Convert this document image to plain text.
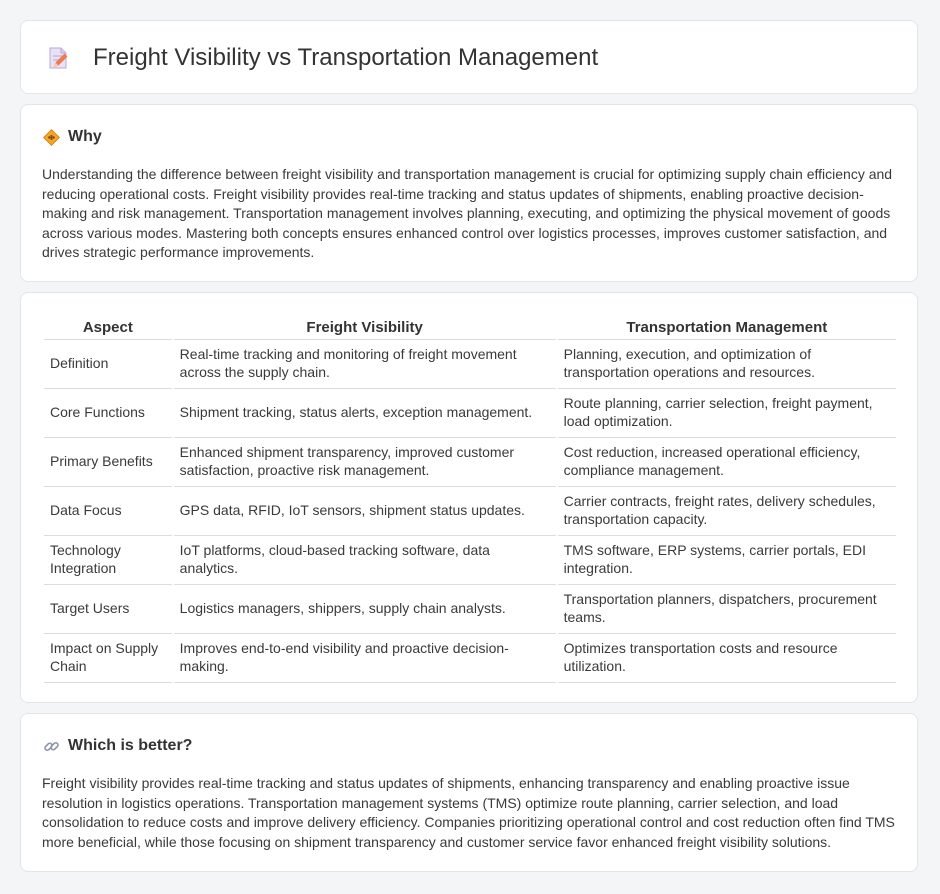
Freight Visibility vs Transportation Management
Why

Understanding the difference between freight visibility and transportation management is crucial for optimizing supply chain efficiency and reducing operational costs. Freight visibility provides real-time tracking and status updates of shipments, enabling proactive decision-making and risk management. Transportation management involves planning, executing, and optimizing the physical movement of goods across various modes. Mastering both concepts ensures enhanced control over logistics processes, improves customer satisfaction, and drives strategic performance improvements.

Aspect	Freight Visibility	Transportation Management
Definition	Real-time tracking and monitoring of freight movement across the supply chain.	Planning, execution, and optimization of transportation operations and resources.
Core Functions	Shipment tracking, status alerts, exception management.	Route planning, carrier selection, freight payment, load optimization.
Primary Benefits	Enhanced shipment transparency, improved customer satisfaction, proactive risk management.	Cost reduction, increased operational efficiency, compliance management.
Data Focus	GPS data, RFID, IoT sensors, shipment status updates.	Carrier contracts, freight rates, delivery schedules, transportation capacity.
Technology Integration	IoT platforms, cloud-based tracking software, data analytics.	TMS software, ERP systems, carrier portals, EDI integration.
Target Users	Logistics managers, shippers, supply chain analysts.	Transportation planners, dispatchers, procurement teams.
Impact on Supply Chain	Improves end-to-end visibility and proactive decision-making.	Optimizes transportation costs and resource utilization.
Which is better?

Freight visibility provides real-time tracking and status updates of shipments, enhancing transparency and enabling proactive issue resolution in logistics operations. Transportation management systems (TMS) optimize route planning, carrier selection, and load consolidation to reduce costs and improve delivery efficiency. Companies prioritizing operational control and cost reduction often find TMS more beneficial, while those focusing on shipment transparency and customer service favor enhanced freight visibility solutions.
